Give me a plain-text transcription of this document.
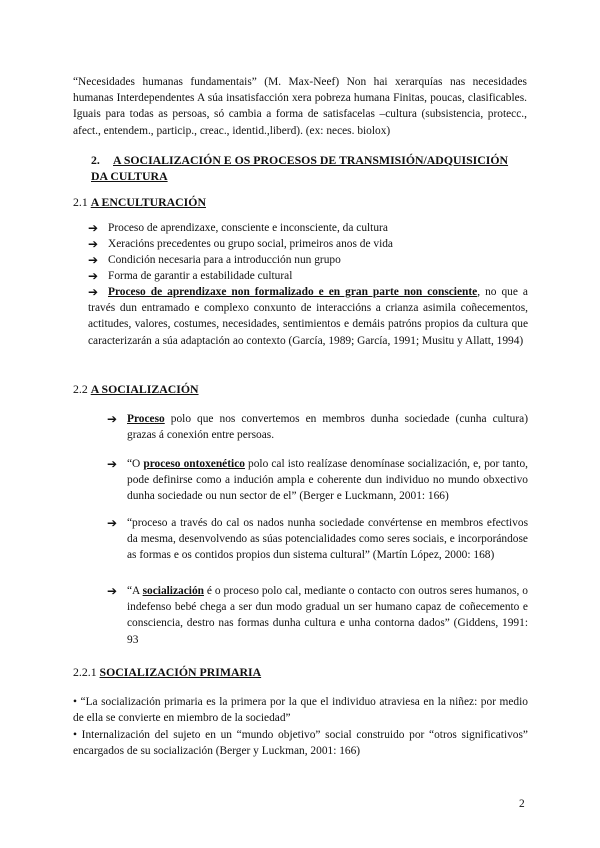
“Necesidades humanas fundamentais” (M. Max-Neef) Non hai xerarquías nas necesidades humanas Interdependentes A súa insatisfacción xera pobreza humana Finitas, poucas, clasificables. Iguais para todas as persoas, só cambia a forma de satisfacelas –cultura (subsistencia, protecc., afect., entendem., particip., creac., identid.,liberd). (ex: neces. biolox)
2. A SOCIALIZACIÓN E OS PROCESOS DE TRANSMISIÓN/ADQUISICIÓN DA CULTURA
2.1 A ENCULTURACIÓN
➔ Proceso de aprendizaxe, consciente e inconsciente, da cultura
➔ Xeracións precedentes ou grupo social, primeiros anos de vida
➔ Condición necesaria para a introducción nun grupo
➔ Forma de garantir a estabilidade cultural
➔ Proceso de aprendizaxe non formalizado e en gran parte non consciente, no que a través dun entramado e complexo conxunto de interaccións a crianza asimila coñecementos, actitudes, valores, costumes, necesidades, sentimientos e demáis patróns propios da cultura que caracterizarán a súa adaptación ao contexto (García, 1989; García, 1991; Musitu y Allatt, 1994)
2.2 A SOCIALIZACIÓN
➔ Proceso polo que nos convertemos en membros dunha sociedade (cunha cultura) grazas á conexión entre persoas.
➔ “O proceso ontoxenético polo cal isto realízase denomínase socialización, e, por tanto, pode definirse como a indución ampla e coherente dun individuo no mundo obxectivo dunha sociedade ou nun sector de el” (Berger e Luckmann, 2001: 166)
➔ “proceso a través do cal os nados nunha sociedade convértense en membros efectivos da mesma, desenvolvendo as súas potencialidades como seres sociais, e incorporándose as formas e os contidos propios dun sistema cultural” (Martín López, 2000: 168)
➔ “A socialización é o proceso polo cal, mediante o contacto con outros seres humanos, o indefenso bebé chega a ser dun modo gradual un ser humano capaz de coñecemento e consciencia, destro nas formas dunha cultura e unha contorna dados” (Giddens, 1991: 93
2.2.1 SOCIALIZACIÓN PRIMARIA
• “La socialización primaria es la primera por la que el individuo atraviesa en la niñez: por medio de ella se convierte en miembro de la sociedad”
• Internalización del sujeto en un “mundo objetivo” social construido por “otros significativos” encargados de su socialización (Berger y Luckman, 2001: 166)
2
